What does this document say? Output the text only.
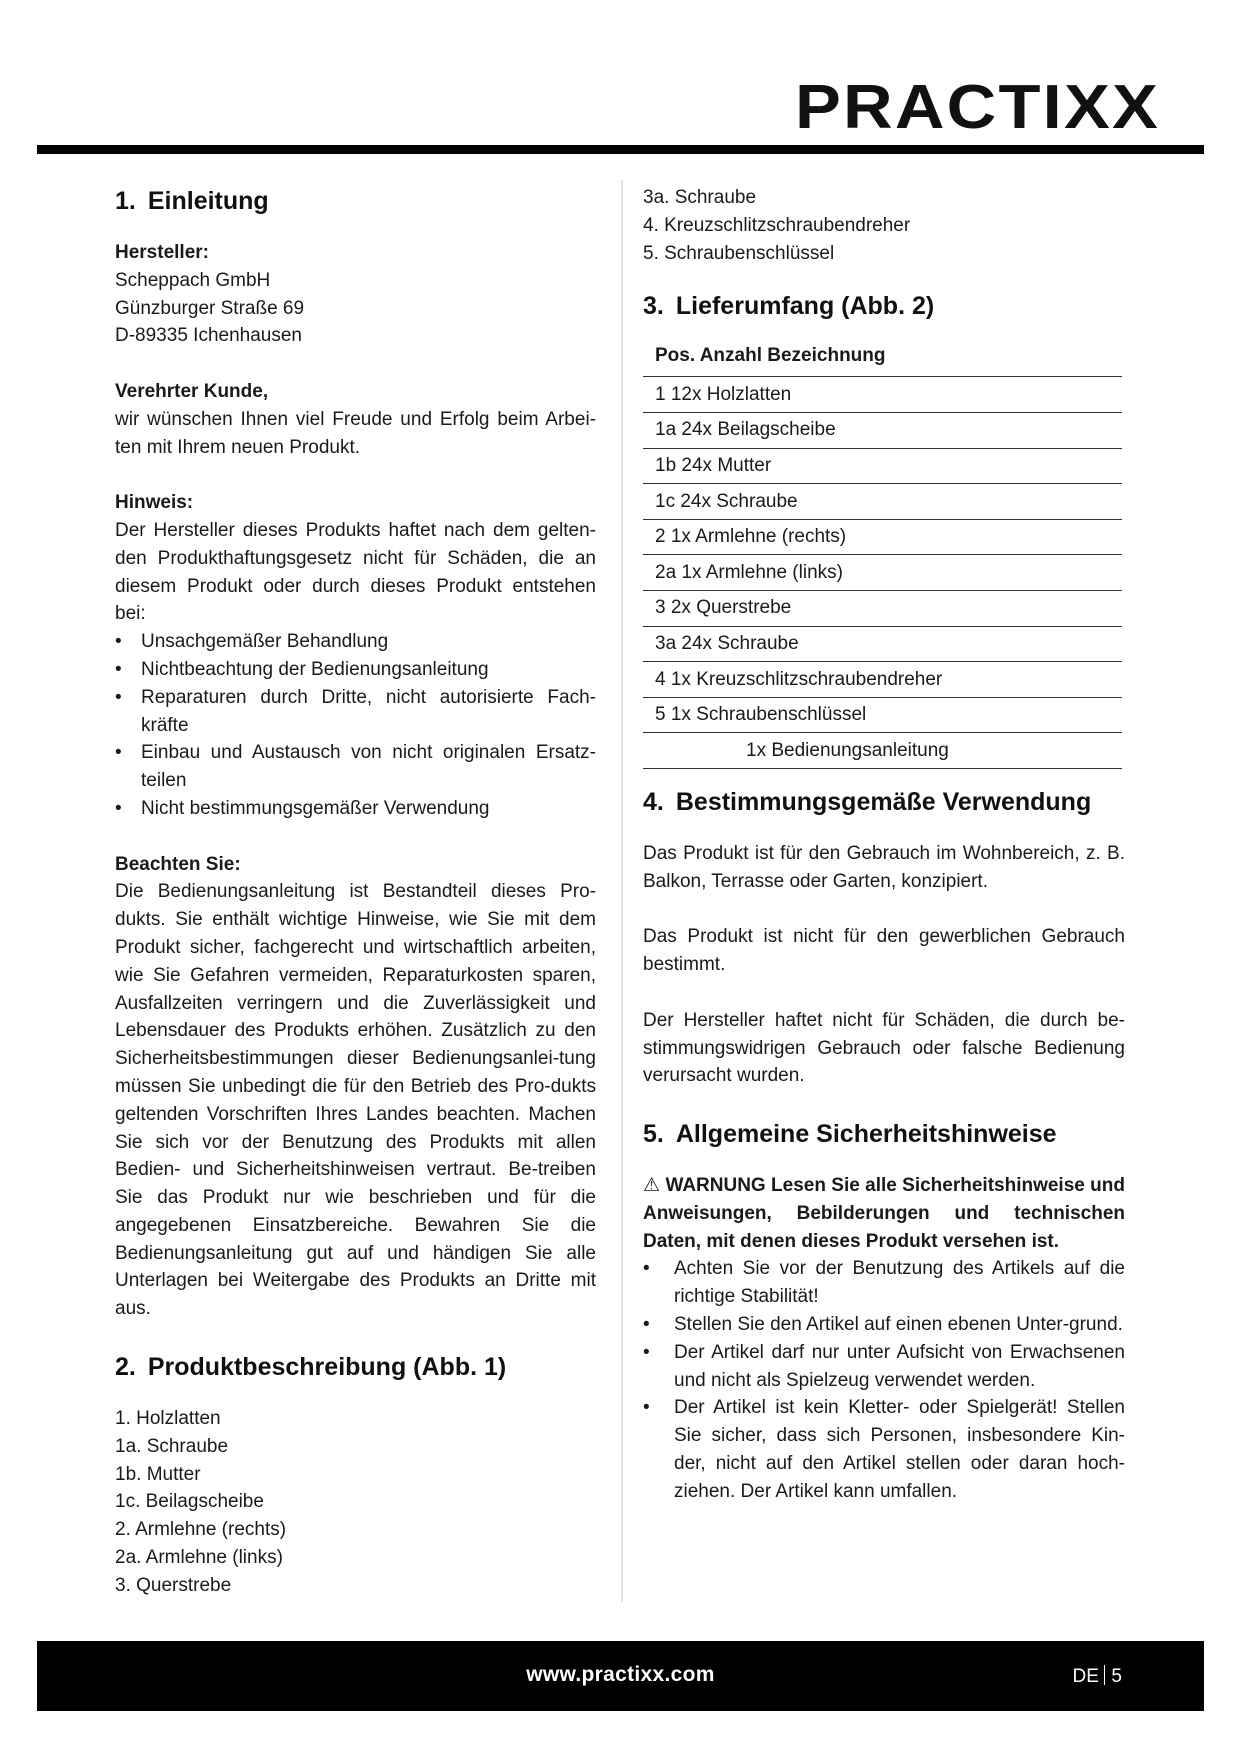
PRACTIXX
1. Einleitung

Hersteller:

Scheppach GmbH

Günzburger Straße 69

D-89335 Ichenhausen

Verehrter Kunde,

wir wünschen Ihnen viel Freude und Erfolg beim Arbei-ten mit Ihrem neuen Produkt.

Hinweis:

Der Hersteller dieses Produkts haftet nach dem gelten-den Produkthaftungsgesetz nicht für Schäden, die an diesem Produkt oder durch dieses Produkt entstehen bei:

• Unsachgemäßer Behandlung
• Nichtbeachtung der Bedienungsanleitung
• Reparaturen durch Dritte, nicht autorisierte Fach-kräfte
• Einbau und Austausch von nicht originalen Ersatz-teilen
• Nicht bestimmungsgemäßer Verwendung

Beachten Sie:

Die Bedienungsanleitung ist Bestandteil dieses Pro-dukts. Sie enthält wichtige Hinweise, wie Sie mit dem Produkt sicher, fachgerecht und wirtschaftlich arbeiten, wie Sie Gefahren vermeiden, Reparaturkosten sparen, Ausfallzeiten verringern und die Zuverlässigkeit und Lebensdauer des Produkts erhöhen. Zusätzlich zu den Sicherheitsbestimmungen dieser Bedienungsanlei-tung müssen Sie unbedingt die für den Betrieb des Pro-dukts geltenden Vorschriften Ihres Landes beachten. Machen Sie sich vor der Benutzung des Produkts mit allen Bedien- und Sicherheitshinweisen vertraut. Be-treiben Sie das Produkt nur wie beschrieben und für die angegebenen Einsatzbereiche. Bewahren Sie die Bedienungsanleitung gut auf und händigen Sie alle Unterlagen bei Weitergabe des Produkts an Dritte mit aus.

2. Produktbeschreibung (Abb. 1)
1. Holzlatten
1a. Schraube
1b. Mutter
1c. Beilagscheibe
2. Armlehne (rechts)
2a. Armlehne (links)
3. Querstrebe
3a. Schraube
4. Kreuzschlitzschraubendreher
5. Schraubenschlüssel
3. Lieferumfang (Abb. 2)
Pos. Anzahl Bezeichnung
1 12x Holzlatten
1a 24x Beilagscheibe
1b 24x Mutter
1c 24x Schraube
2 1x Armlehne (rechts)
2a 1x Armlehne (links)
3 2x Querstrebe
3a 24x Schraube
4 1x Kreuzschlitzschraubendreher
5 1x Schraubenschlüssel
1x Bedienungsanleitung
4. Bestimmungsgemäße Verwendung

Das Produkt ist für den Gebrauch im Wohnbereich, z. B. Balkon, Terrasse oder Garten, konzipiert.

Das Produkt ist nicht für den gewerblichen Gebrauch bestimmt.

Der Hersteller haftet nicht für Schäden, die durch be-stimmungswidrigen Gebrauch oder falsche Bedienung verursacht wurden.

5. Allgemeine Sicherheitshinweise

⚠ WARNUNG Lesen Sie alle Sicherheitshinweise und Anweisungen, Bebilderungen und technischen Daten, mit denen dieses Produkt versehen ist.

• Achten Sie vor der Benutzung des Artikels auf die richtige Stabilität!
• Stellen Sie den Artikel auf einen ebenen Unter-grund.
• Der Artikel darf nur unter Aufsicht von Erwachsenen und nicht als Spielzeug verwendet werden.
• Der Artikel ist kein Kletter- oder Spielgerät! Stellen Sie sicher, dass sich Personen, insbesondere Kin-der, nicht auf den Artikel stellen oder daran hoch-ziehen. Der Artikel kann umfallen.
www.practixx.com	DE 5
